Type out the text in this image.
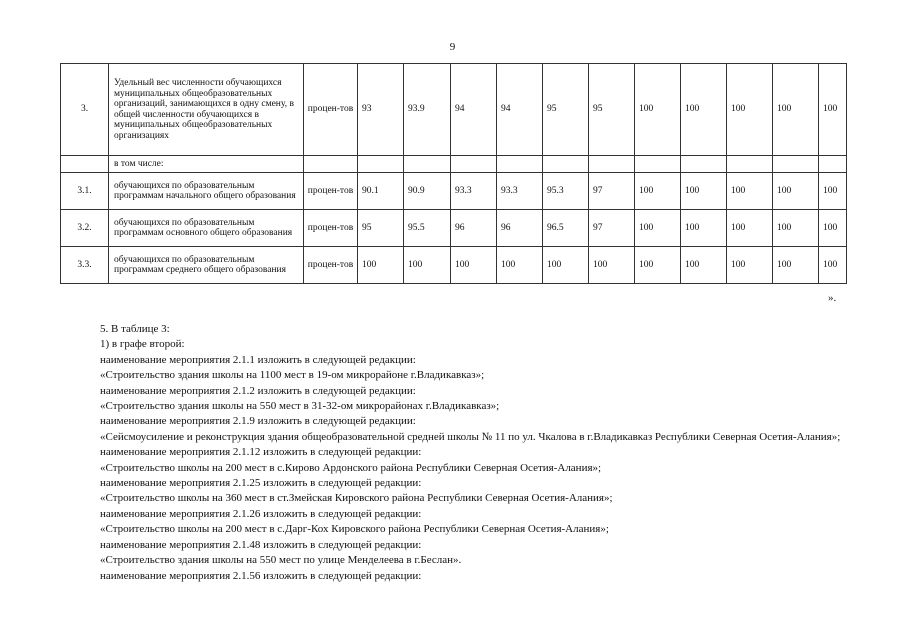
9
3.	Удельный вес численности обучающихся муниципальных общеобразовательных организаций, занимающихся в одну смену, в общей численности обучающихся в муниципальных общеобразовательных организациях	процен-тов	93	93.9	94	94	95	95	100	100	100	100	100
	в том числе:												
3.1.	обучающихся по образовательным программам начального общего образования	процен-тов	90.1	90.9	93.3	93.3	95.3	97	100	100	100	100	100
3.2.	обучающихся по образовательным программам основного общего образования	процен-тов	95	95.5	96	96	96.5	97	100	100	100	100	100
3.3.	обучающихся по образовательным программам среднего общего образования	процен-тов	100	100	100	100	100	100	100	100	100	100	100
».

5. В таблице 3:

1) в графе второй:

наименование мероприятия 2.1.1 изложить в следующей редакции:

«Строительство здания школы на 1100 мест в 19-ом микрорайоне г.Владикавказ»;

наименование мероприятия 2.1.2 изложить в следующей редакции:

«Строительство здания школы на 550 мест в 31-32-ом микрорайонах г.Владикавказ»;

наименование мероприятия 2.1.9 изложить в следующей редакции:

«Сейсмоусиление и реконструкция здания общеобразовательной средней школы № 11 по ул. Чкалова в г.Владикавказ Республики Северная Осетия-Алания»;

наименование мероприятия 2.1.12 изложить в следующей редакции:

«Строительство школы на 200 мест в с.Кирово Ардонского района Республики Северная Осетия-Алания»;

наименование мероприятия 2.1.25 изложить в следующей редакции:

«Строительство школы на 360 мест в ст.Змейская Кировского района Республики Северная Осетия-Алания»;

наименование мероприятия 2.1.26 изложить в следующей редакции:

«Строительство школы на 200 мест в с.Дарг-Кох Кировского района Республики Северная Осетия-Алания»;

наименование мероприятия 2.1.48 изложить в следующей редакции:

«Строительство здания школы на 550 мест по улице Менделеева в г.Беслан».

наименование мероприятия 2.1.56 изложить в следующей редакции:
